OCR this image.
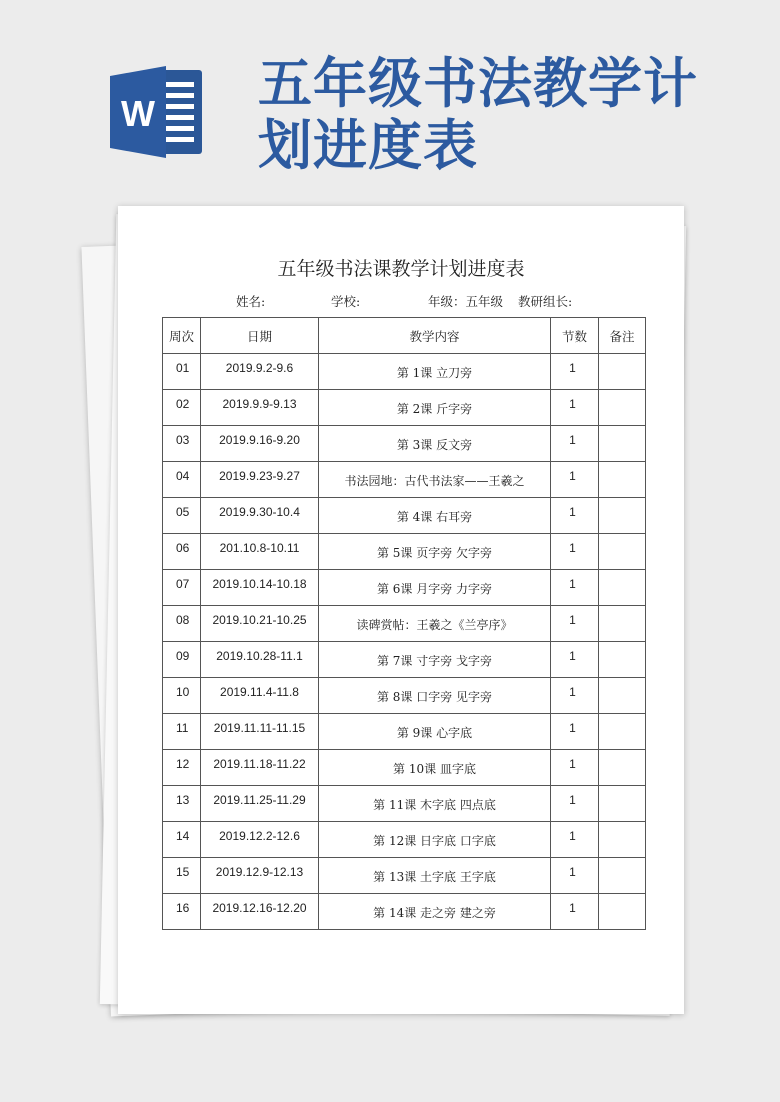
W 五年级书法教学计
划进度表
五年级书法课教学计划进度表
姓名:	学校:	年级：五年级 教研组长:
周次	日期	教学内容	节数	备注

01	2019.9.2-9.6	第 1课 立刀旁	1	

02	2019.9.9-9.13	第 2课 斤字旁	1	

03	2019.9.16-9.20	第 3课 反文旁	1	

04	2019.9.23-9.27	书法园地：古代书法家——王羲之	1	

05	2019.9.30-10.4	第 4课 右耳旁	1	

06	201.10.8-10.11	第 5课 页字旁 欠字旁	1	

07	2019.10.14-10.18	第 6课 月字旁 力字旁	1	

08	2019.10.21-10.25	读碑赏帖：王羲之《兰亭序》	1	

09	2019.10.28-11.1	第 7课 寸字旁 戈字旁	1	

10	2019.11.4-11.8	第 8课 口字旁 见字旁	1	

11	2019.11.11-11.15	第 9课 心字底	1	

12	2019.11.18-11.22	第 10课 皿字底	1	

13	2019.11.25-11.29	第 11课 木字底 四点底	1	

14	2019.12.2-12.6	第 12课 日字底 口字底	1	

15	2019.12.9-12.13	第 13课 土字底 王字底	1	

16	2019.12.16-12.20	第 14课 走之旁 建之旁	1	
